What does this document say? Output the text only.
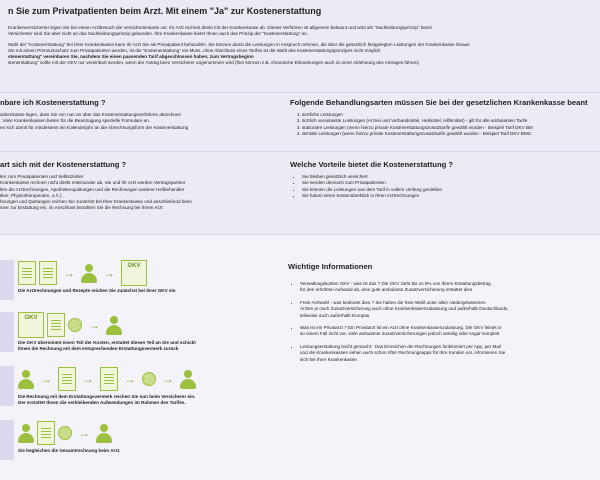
n Sie zum Privatpatienten beim Arzt. Mit einem "Ja" zur Kostenerstattung

Krankenversicherter legen Sie bei einem Arztbesuch die Versichertenkarte vor. Ihr Arzt rechnet direkt mit der Krankenkasse ab. Dieses Verfahren ist allgemein bekannt und wird als "Sachleistungsprinzip" bezei

Versicherter sind Sie aber nicht an das Sachleistungsprinzip gebunden. Ihre Krankenkasse bietet Ihnen auch das Prinzip der "Kostenerstattung" an.

Wahl der "Kostenerstattung" bei Ihrer Krankenkasse kann Ihr Arzt Sie als Privatpatient behandeln. Sie können damit die Leistungen in Anspruch nehmen, die über die gesetzlich festgelegten Leistungen der Krankenkasse hinaus

Sie mit einem Premiumschutz zum Privatpatienten werden, ist die "Kostenerstattung" ein Muss, ohne Abschluss eines Tarifes ist die Wahl des Kostenerstattungsprinzipes nicht möglich

stenerstattung" vereinbaren Sie, nachdem Sie einen passenden Tarif abgeschlossen haben, zum Vertragsbeginn

stenerstattung" sollte mit der GKV nur vereinbart werden, wenn der Antrag beim Versicherer angenommen wird (hier können z.B. chronische Erkrankungen auch zu einer Ablehnung des Antrages führen)

nbare ich Kostenerstattung ?

ankenkasse legen, dass Sie von nun an über das Kostenerstattungsverfahren abrechnen

. Viele Krankenkassen bieten für die Beantragung spezielle Formulare an.

en sich damit für mindestens ein Kalenderjahr an die Abrechnungsform der Kostenerstattung

Folgende Behandlungsarten müssen Sie bei der gesetzlichen Krankenkasse beant

1. ärztliche Leistungen
2. ärztlich veranlasste Leistungen (Arznei und Verbandmittel, Heilmittel, Hilfsmittel) - gilt für alle ambulanten Tarife
3. stationäre Leistungen (wenn hierzu private Kostenerstattungszusatztarife gewählt wurden - Beispiel Tarif DKV BM
4. dentale Leistungen (wenn hierzu private Kostenerstattungszusatztarife gewählt wurden - Beispiel Tarif DKV BMG

art sich mit der Kostenerstattung ?

len zum Privatpatienten und Selbstzahler

Krankenkasse rechnen nicht direkt miteinander ab, Sie und Ihr Arzt werden Vertragspartner

lten die Arztrechnungen, Apothekenquittungen und die Rechnungen anderer Heilbehandler

tiker, Physiotherapeuten, o.Ä.)

hnungen und Quittungen reichen Sie zunächst bei Ihrer Krankenkasse und anschließend beim

ezer zur Erstattung ein, im Anschluss bezahlen Sie die Rechnung bei Ihrem Arzt

Welche Vorteile bietet die Kostenerstattung ?

• Sie bleiben gesetzlich versichert
• Sie werden dennoch zum Privatpatienten
• Sie können die Leistungen aus dem Tarif in vollem Umfang genießen
• Sie haben einen Kostenüberblick in Ihren Arztrechnungen
→ →	GKV

Die Arztrechnungen und Rezepte reichen Sie zunächst bei Ihrer GKV ein

GKV	→

Die GKV übernimmt einen Teil der Kosten, erstattet diesen Teil an Sie und schickt

Ihnen die Rechnung mit dem entsprechenden Erstattungsvermerk zurück

→	→	→ →

Die Rechnung mit dem Erstattungsvermerk reichen Sie nun beim Versicherer ein.

Der erstattet Ihnen die verbleibenden Aufwendungen im Rahmen des Tarifes.

→

Sie begleichen die Gesamtrechnung beim Arzt.

Wichtige Informationen

• Verwaltungskosten GKV - was ist das ? Die GKV zieht bis zu 5% von Ihrem Erstattungsbetrag
für den erhöhten Aufwand ab, eine gute ambulante Zusatzversicherung erstattet dies
• Freie Arztwahl - was bedeutet dies ? Sie haben die freie Wahl unter allen niedergelassenen
Ärzten je nach Zusatzversicherung auch ohne Krankenkassenzulassung und außerhalb Deutschlands,
teilweise auch außerhalb Europas
• Was ist ein Privatarzt ? Ein Privatarzt ist ein Arzt ohne Krankenkassenzulassung. Die GKV leistet in
so einem Fall nicht vor, viele ambulante Zusatzversicherungen jedoch anteilig oder sogar komplett
• Leistungserstattung leicht gemacht : Das Einreichen der Rechnungen funktioniert per App, per Mail
und die Krankenkassen sehen auch schon öfter Rechnungsapps für Ihre Kunden vor, informieren Sie
sich bei Ihrer Krankenkasse.
